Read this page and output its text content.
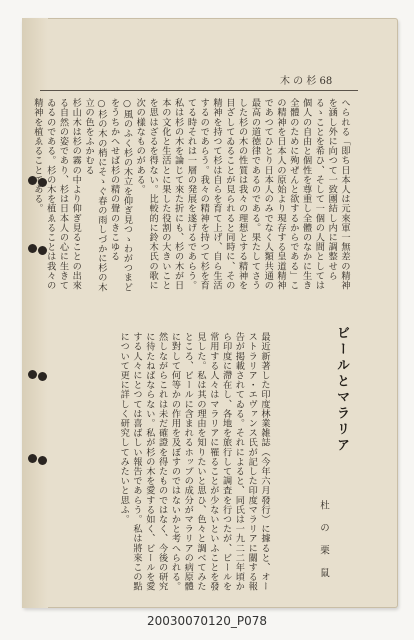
木 の 杉 68
へられる「即ち日本人は元來軍一無差の精神を涵し外に向つて一致團結し内に調整せらるゝことを希ひ、そして一個の人間としては個人の自由と個性を尊重し全體のなかに生き全體のために殉ぜんと欲するからである」この精神を日本人の原始より現存する皇道精神であつてひとり日本人のみでなく人類共通の最高の道徳律であるのである。果たしてさうした杉の木の性質は我々の理想とする精神を目ざしてゐることが見られると同時に、その精神を持つて杉は自らを育て上げ、自ら生活するのであらう。我々の精神を持つて杉を育てる時それは一層の発展を遂げるであらう。私は杉の木を論じて來た折にも、杉の木が日本の文化と生活とに果した役割の大きいことを思はざるを得ない。比較的に鈴木氏の歌に次の樣なものがある。
○風のふく杉の木立を仰ぎ見つゝわがつまどをうちかへせば杉の精の聲のきこゆる
○杉の木の梢にそゝぐ春の雨しづかに杉の木立の色をふかむる
杉山木は杉の霧の中より仰ぎ見ることの出來る自然の姿であり、杉は日本人の心に生きてゐるのである。杉の木を植ゑることは我々の精神を植ゑることである。
ビールとマラリア
杜 の 栗 鼠
最近新著した印度林業雑誌（今年六月發行）に據ると、オーストラリア・エヴァンス氏が記した印度マラリアに關する報告が掲載されてゐる。それによると、同氏は一九二二年頃から印度に滯在し、各地を旅行して調査を行つたが、ビールを常用する人々はマラリアに罹ることが少ないといふことを發見した。私は其の理由を知りたいと思ひ、色々と調べてみたところ、ビールに含まれるホップの成分がマラリアの病原體に對して何等かの作用を及ぼすのではないかと考へられる。然しながらこれは未だ確證を得たものではなく、今後の研究に待たねばならない。私が杉の木を愛する如く、ビールを愛する人々にとつては喜ばしい報告であらう。私は將來この點について更に詳しく研究してみたいと思ふ。
20030070120_P078
